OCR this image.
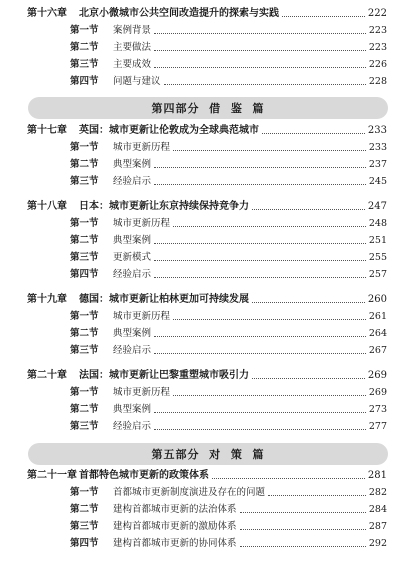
第十六章 北京小微城市公共空间改造提升的探索与实践	222
第一节 案例背景	223
第二节 主要做法	223
第三节 主要成效	226
第四节 问题与建议	228
第四部分  借  鉴  篇
第十七章 英国：城市更新让伦敦成为全球典范城市	233
第一节 城市更新历程	233
第二节 典型案例	237
第三节 经验启示	245
第十八章 日本：城市更新让东京持续保持竞争力	247
第一节 城市更新历程	248
第二节 典型案例	251
第三节 更新模式	255
第四节 经验启示	257
第十九章 德国：城市更新让柏林更加可持续发展	260
第一节 城市更新历程	261
第二节 典型案例	264
第三节 经验启示	267
第二十章 法国：城市更新让巴黎重塑城市吸引力	269
第一节 城市更新历程	269
第二节 典型案例	273
第三节 经验启示	277
第五部分  对  策  篇
第二十一章 首都特色城市更新的政策体系	281
第一节 首都城市更新制度演进及存在的问题	282
第二节 建构首都城市更新的法治体系	284
第三节 建构首都城市更新的激励体系	287
第四节 建构首都城市更新的协同体系	292
